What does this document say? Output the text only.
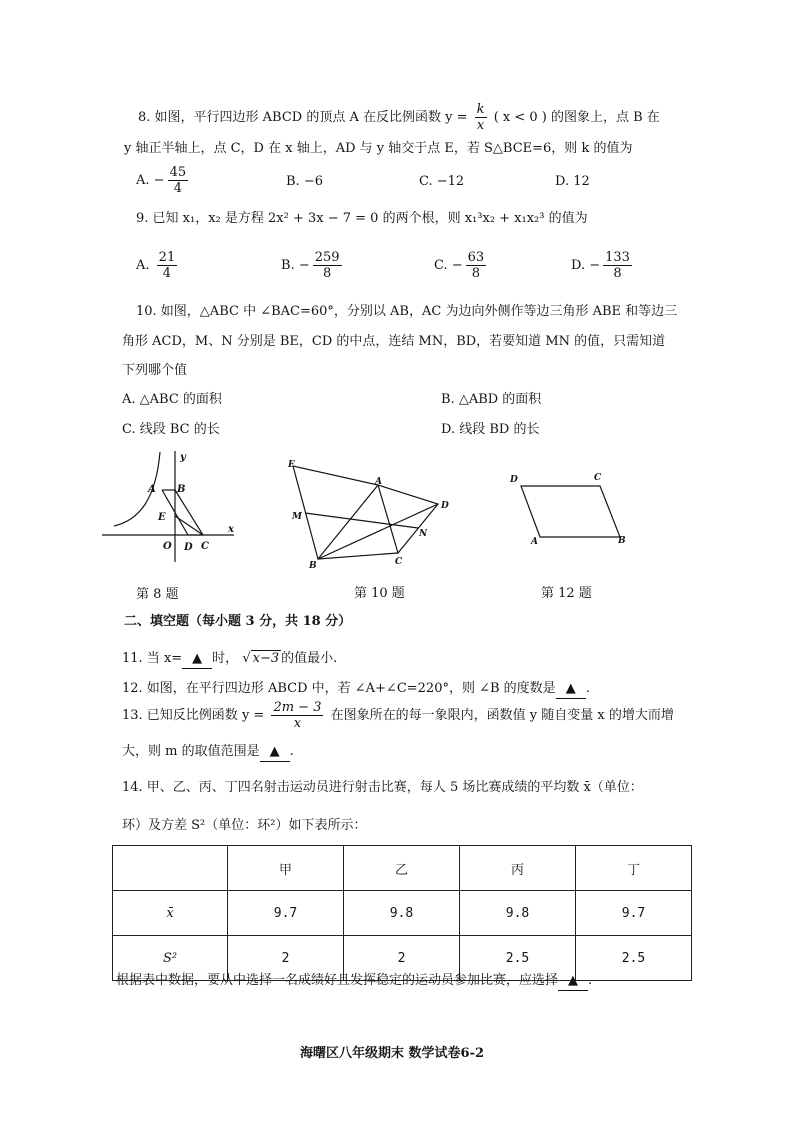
8. 如图，平行四边形 ABCD 的顶点 A 在反比例函数 $y = \frac{k}{x}$ ( x < 0 ) 的图象上，点 B 在
y 轴正半轴上，点 C，D 在 x 轴上，AD 与 y 轴交于点 E，若 S△BCE=6，则 k 的值为
A. − $\frac{45}{4}$	B. −6	C. −12	D. 12
9. 已知 x₁，x₂ 是方程 2x² + 3x − 7 = 0 的两个根，则 x₁³x₂ + x₁x₂³ 的值为
A. $\frac{21}{4}$	B. − $\frac{259}{8}$	C. − $\frac{63}{8}$	D. − $\frac{133}{8}$
10. 如图，△ABC 中 ∠BAC=60°，分别以 AB，AC 为边向外侧作等边三角形 ABE 和等边三
角形 ACD，M、N 分别是 BE，CD 的中点，连结 MN，BD，若要知道 MN 的值，只需知道
下列哪个值
A. △ABC 的面积	B. △ABD 的面积
C. 线段 BC 的长	D. 线段 BD 的长
y
x
A B
E
O D C
第 8 题
E
A
D
M
N
B	C
第 10 题
D	C
A	B
第 12 题
二、填空题（每小题 3 分，共 18 分）
11. 当 x= ▲ 时， √ x−3 的值最小.
12. 如图，在平行四边形 ABCD 中，若 ∠A+∠C=220°，则 ∠B 的度数是 ▲ .
13. 已知反比例函数 $y = \frac{2m - 3}{x}$ 在图象所在的每一象限内，函数值 y 随自变量 x 的增大而增
大，则 m 的取值范围是 ▲ .
14. 甲、乙、丙、丁四名射击运动员进行射击比赛，每人 5 场比赛成绩的平均数 x̄（单位：
环）及方差 S²（单位：环²）如下表所示：
	甲	乙	丙	丁
x̄	9.7	9.8	9.8	9.7
S²	2	2	2.5	2.5
根据表中数据，要从中选择一名成绩好且发挥稳定的运动员参加比赛，应选择 ▲ .
海曙区八年级期末 数学试卷6-2
